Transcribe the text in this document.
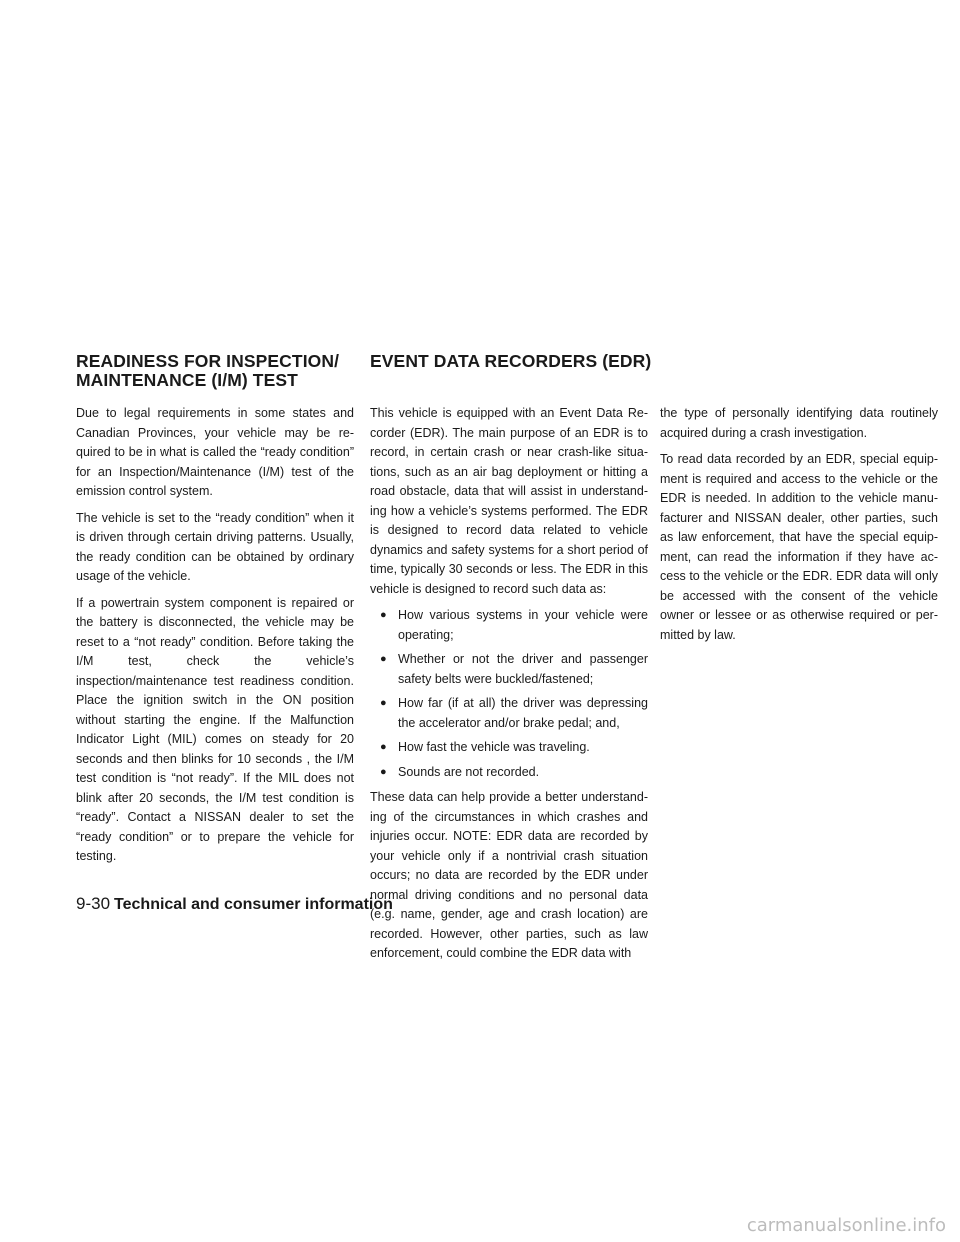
READINESS FOR INSPECTION/
MAINTENANCE (I/M) TEST
EVENT DATA RECORDERS (EDR)

Due to legal requirements in some states and Canadian Provinces, your vehicle may be required to be in what is called the “ready condition” for an Inspection/Maintenance (I/M) test of the emission control system.

The vehicle is set to the “ready condition” when it is driven through certain driving patterns. Usually, the ready condition can be obtained by ordinary usage of the vehicle.

If a powertrain system component is repaired or the battery is disconnected, the vehicle may be reset to a “not ready” condition. Before taking the I/M test, check the vehicle’s inspection/maintenance test readiness condition. Place the ignition switch in the ON position without starting the engine. If the Malfunction Indicator Light (MIL) comes on steady for 20 seconds and then blinks for 10 seconds , the I/M test condition is “not ready”. If the MIL does not blink after 20 seconds, the I/M test condition is “ready”. Contact a NISSAN dealer to set the “ready condition” or to prepare the vehicle for testing.

This vehicle is equipped with an Event Data Recorder (EDR). The main purpose of an EDR is to record, in certain crash or near crash-like situations, such as an air bag deployment or hitting a road obstacle, data that will assist in understanding how a vehicle’s systems performed. The EDR is designed to record data related to vehicle dynamics and safety systems for a short period of time, typically 30 seconds or less. The EDR in this vehicle is designed to record such data as:

● How various systems in your vehicle were operating;
● Whether or not the driver and passenger safety belts were buckled/fastened;
● How far (if at all) the driver was depressing the accelerator and/or brake pedal; and,
● How fast the vehicle was traveling.
● Sounds are not recorded.

These data can help provide a better understanding of the circumstances in which crashes and injuries occur. NOTE: EDR data are recorded by your vehicle only if a nontrivial crash situation occurs; no data are recorded by the EDR under normal driving conditions and no personal data (e.g. name, gender, age and crash location) are recorded. However, other parties, such as law enforcement, could combine the EDR data with

the type of personally identifying data routinely acquired during a crash investigation.

To read data recorded by an EDR, special equipment is required and access to the vehicle or the EDR is needed. In addition to the vehicle manufacturer and NISSAN dealer, other parties, such as law enforcement, that have the special equipment, can read the information if they have access to the vehicle or the EDR. EDR data will only be accessed with the consent of the vehicle owner or lessee or as otherwise required or permitted by law.

9-30 Technical and consumer information
carmanualsonline.info
